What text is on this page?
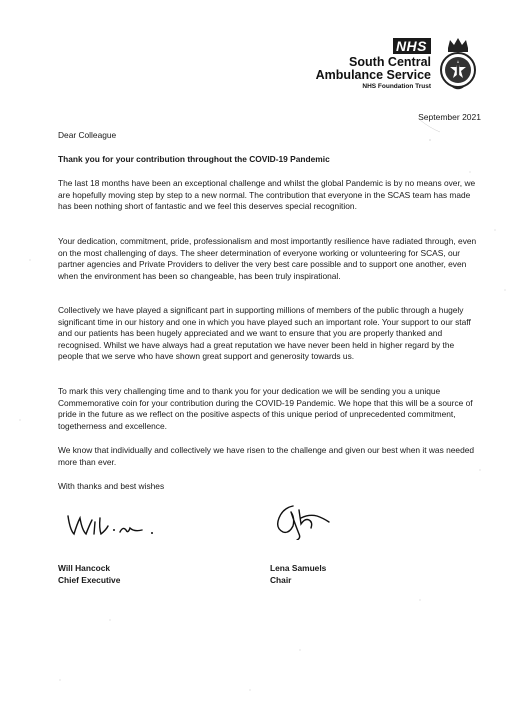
NHS
South Central
Ambulance Service
NHS Foundation Trust
September 2021
Dear Colleague
Thank you for your contribution throughout the COVID-19 Pandemic
The last 18 months have been an exceptional challenge and whilst the global Pandemic is by no means over, we are hopefully moving step by step to a new normal. The contribution that everyone in the SCAS team has made has been nothing short of fantastic and we feel this deserves special recognition.
Your dedication, commitment, pride, professionalism and most importantly resilience have radiated through, even on the most challenging of days. The sheer determination of everyone working or volunteering for SCAS, our partner agencies and Private Providers to deliver the very best care possible and to support one another, even when the environment has been so changeable, has been truly inspirational.
Collectively we have played a significant part in supporting millions of members of the public through a hugely significant time in our history and one in which you have played such an important role. Your support to our staff and our patients has been hugely appreciated and we want to ensure that you are properly thanked and recognised. Whilst we have always had a great reputation we have never been held in higher regard by the people that we serve who have shown great support and generosity towards us.
To mark this very challenging time and to thank you for your dedication we will be sending you a unique Commemorative coin for your contribution during the COVID-19 Pandemic. We hope that this will be a source of pride in the future as we reflect on the positive aspects of this unique period of unprecedented commitment, togetherness and excellence.
We know that individually and collectively we have risen to the challenge and given our best when it was needed more than ever.
With thanks and best wishes
Will Hancock
Chief Executive
Lena Samuels
Chair
